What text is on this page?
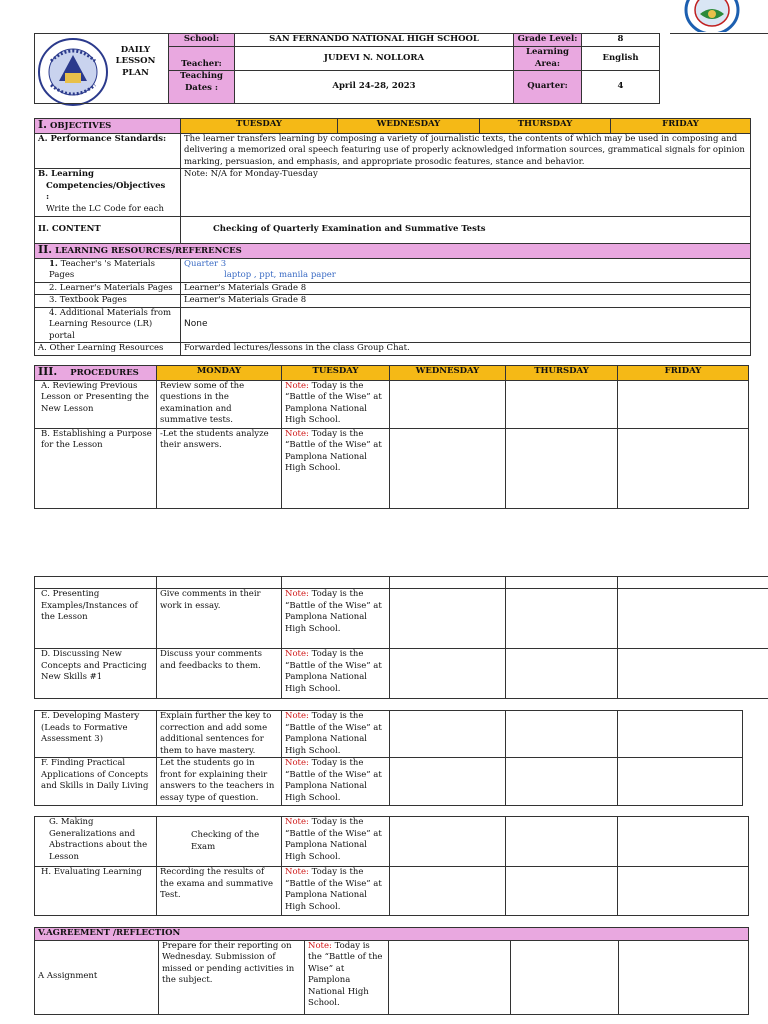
DAILY
LESSON
PLAN	School:	SAN FERNANDO NATIONAL HIGH SCHOOL	Grade Level:	8
	Teacher:	JUDEVI N. NOLLORA	Learning Area:	English
	Teaching Dates :	April 24-28, 2023	Quarter:	4
I. OBJECTIVES	TUESDAY	WEDNESDAY	THURSDAY	FRIDAY
A. Performance Standards:	The learner transfers learning by composing a variety of journalistic texts, the contents of which may be used in composing and delivering a memorized oral speech featuring use of properly acknowledged information sources, grammatical signals for opinion marking, persuasion, and emphasis, and appropriate prosodic features, stance and behavior.			

B. Learning
Competencies/Objectives
:
Write the LC Code for each	Note: N/A for Monday-Tuesday			
II. CONTENT	Checking of Quarterly Examination and Summative Tests			
II. LEARNING RESOURCES/REFERENCES				
1. Teacher's 's Materials Pages	Quarter 3
laptop , ppt, manila paper			

2. Learner's Materials Pages	Learner's Materials Grade 8			
3. Textbook Pages	Learner's Materials Grade 8			
4. Additional Materials from Learning Resource (LR) portal	None			
A. Other Learning Resources	Forwarded lectures/lessons in the class Group Chat.			
III. PROCEDURES	MONDAY	TUESDAY	WEDNESDAY	THURSDAY	FRIDAY
A. Reviewing Previous Lesson or Presenting the New Lesson	Review some of the questions in the examination and summative tests.	Note: Today is the “Battle of the Wise” at Pamplona National High School.			
B. Establishing a Purpose for the Lesson	-Let the students analyze their answers.	Note: Today is the “Battle of the Wise” at Pamplona National High School.			

C. Presenting Examples/Instances of the Lesson	Give comments in their work in essay.	Note: Today is the “Battle of the Wise” at Pamplona National High School.			
D. Discussing New Concepts and Practicing New Skills #1	Discuss your comments and feedbacks to them.	Note: Today is the “Battle of the Wise” at Pamplona National High School.			
E. Developing Mastery (Leads to Formative Assessment 3)	Explain further the key to correction and add some additional sentences for them to have mastery.	Note: Today is the “Battle of the Wise” at Pamplona National High School.			
F. Finding Practical Applications of Concepts and Skills in Daily Living	Let the students go in front for explaining their answers to the teachers in essay type of question.	Note: Today is the “Battle of the Wise” at Pamplona National High School.			
G. Making Generalizations and Abstractions about the Lesson	Checking of the Exam	Note: Today is the “Battle of the Wise” at Pamplona National High School.			
H. Evaluating Learning	Recording the results of the exama and summative Test.	Note: Today is the “Battle of the Wise” at Pamplona National High School.			
V.AGREEMENT /REFLECTION
A Assignment	Prepare for their reporting on Wednesday. Submission of missed or pending activities in the subject.	Note: Today is the “Battle of the Wise” at Pamplona National High School.			
